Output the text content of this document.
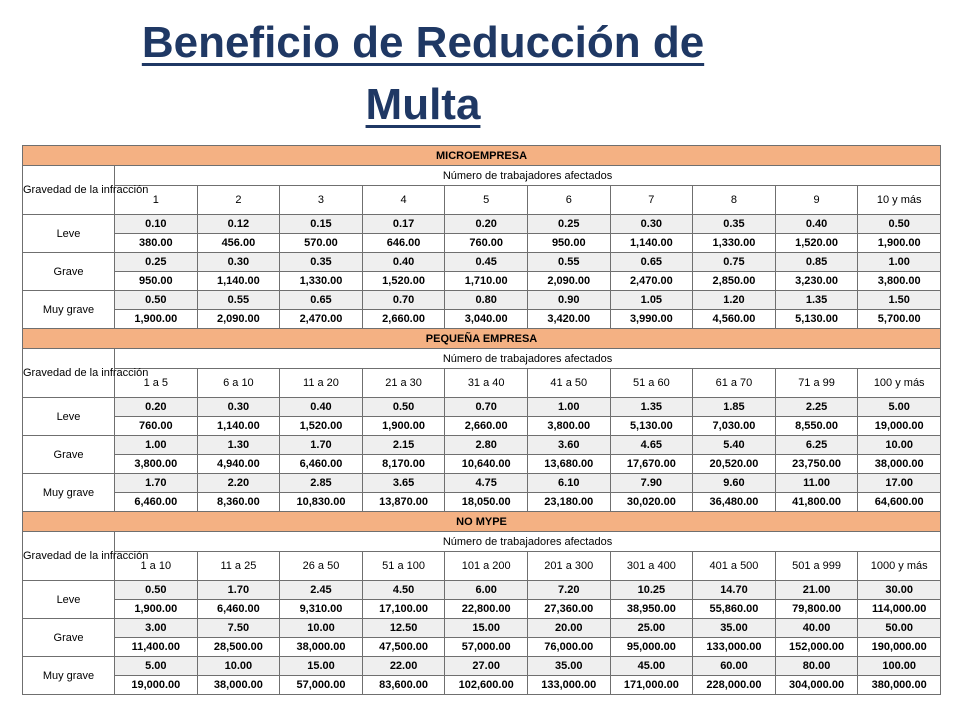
Beneficio de Reducción de
Multa
MICROEMPRESA										
Gravedad de la infracción	Número de trabajadores afectados									
	1	2	3	4	5	6	7	8	9	10 y más
Leve	0.10	0.12	0.15	0.17	0.20	0.25	0.30	0.35	0.40	0.50
	380.00	456.00	570.00	646.00	760.00	950.00	1,140.00	1,330.00	1,520.00	1,900.00
Grave	0.25	0.30	0.35	0.40	0.45	0.55	0.65	0.75	0.85	1.00
	950.00	1,140.00	1,330.00	1,520.00	1,710.00	2,090.00	2,470.00	2,850.00	3,230.00	3,800.00
Muy grave	0.50	0.55	0.65	0.70	0.80	0.90	1.05	1.20	1.35	1.50
	1,900.00	2,090.00	2,470.00	2,660.00	3,040.00	3,420.00	3,990.00	4,560.00	5,130.00	5,700.00
PEQUEÑA EMPRESA										
Gravedad de la infracción	Número de trabajadores afectados									
	1 a 5	6 a 10	11 a 20	21 a 30	31 a 40	41 a 50	51 a 60	61 a 70	71 a 99	100 y más
Leve	0.20	0.30	0.40	0.50	0.70	1.00	1.35	1.85	2.25	5.00
	760.00	1,140.00	1,520.00	1,900.00	2,660.00	3,800.00	5,130.00	7,030.00	8,550.00	19,000.00
Grave	1.00	1.30	1.70	2.15	2.80	3.60	4.65	5.40	6.25	10.00
	3,800.00	4,940.00	6,460.00	8,170.00	10,640.00	13,680.00	17,670.00	20,520.00	23,750.00	38,000.00
Muy grave	1.70	2.20	2.85	3.65	4.75	6.10	7.90	9.60	11.00	17.00
	6,460.00	8,360.00	10,830.00	13,870.00	18,050.00	23,180.00	30,020.00	36,480.00	41,800.00	64,600.00
NO MYPE										
Gravedad de la infracción	Número de trabajadores afectados									
	1 a 10	11 a 25	26 a 50	51 a 100	101 a 200	201 a 300	301 a 400	401 a 500	501 a 999	1000 y más
Leve	0.50	1.70	2.45	4.50	6.00	7.20	10.25	14.70	21.00	30.00
	1,900.00	6,460.00	9,310.00	17,100.00	22,800.00	27,360.00	38,950.00	55,860.00	79,800.00	114,000.00
Grave	3.00	7.50	10.00	12.50	15.00	20.00	25.00	35.00	40.00	50.00
	11,400.00	28,500.00	38,000.00	47,500.00	57,000.00	76,000.00	95,000.00	133,000.00	152,000.00	190,000.00
Muy grave	5.00	10.00	15.00	22.00	27.00	35.00	45.00	60.00	80.00	100.00
	19,000.00	38,000.00	57,000.00	83,600.00	102,600.00	133,000.00	171,000.00	228,000.00	304,000.00	380,000.00
